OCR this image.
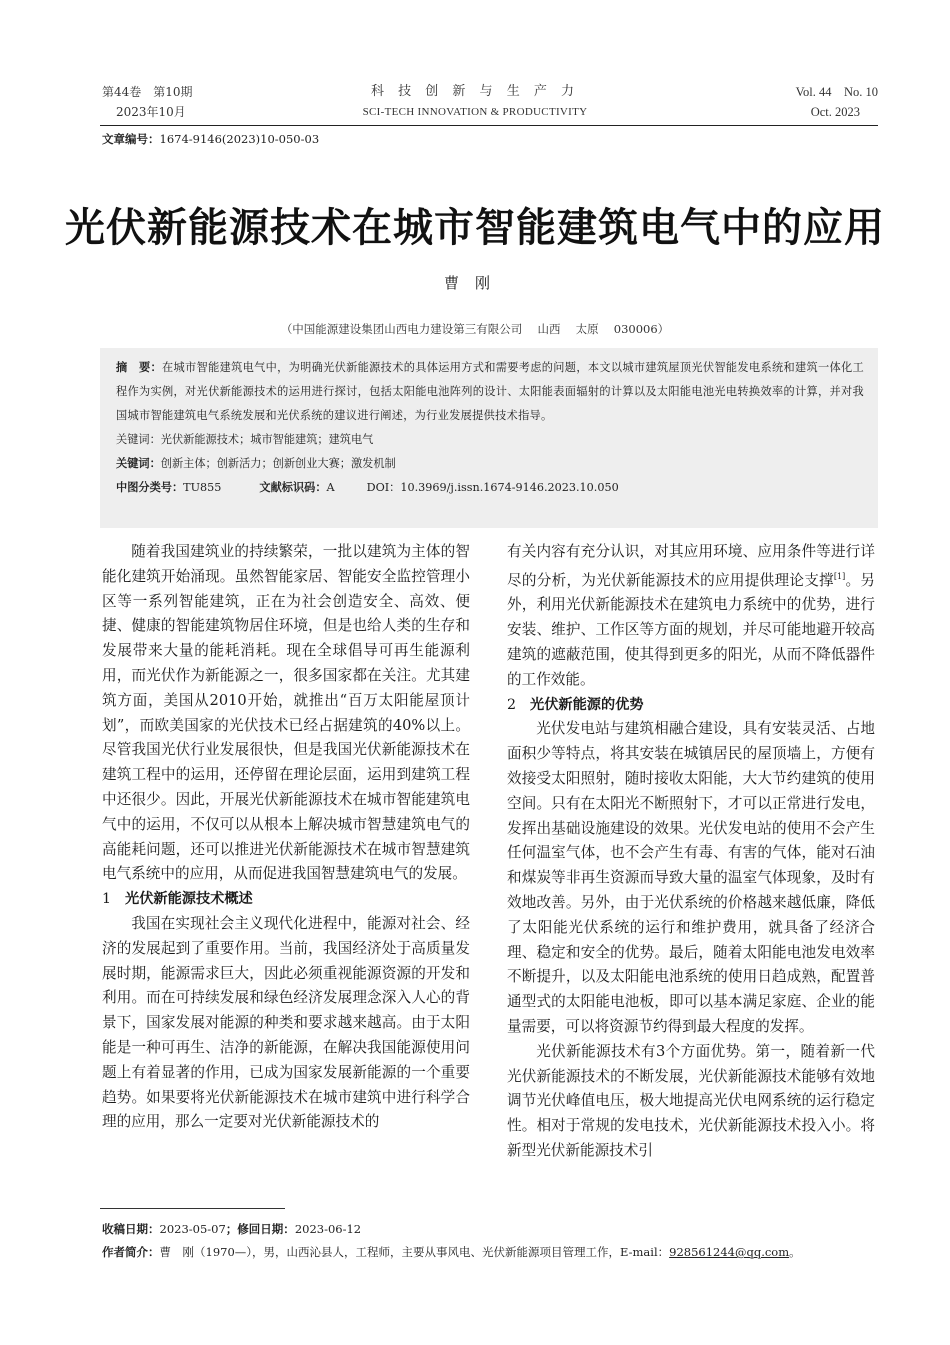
第44卷　第10期
2023年10月
科 技 创 新 与 生 产 力
SCI-TECH INNOVATION & PRODUCTIVITY
Vol. 44　No. 10
Oct. 2023
文章编号：1674-9146(2023)10-050-03
光伏新能源技术在城市智能建筑电气中的应用
曹刚
（中国能源建设集团山西电力建设第三有限公司　 山西　 太原　 030006）
摘　要：在城市智能建筑电气中，为明确光伏新能源技术的具体运用方式和需要考虑的问题，本文以城市建筑屋顶光伏智能发电系统和建筑一体化工程作为实例，对光伏新能源技术的运用进行探讨，包括太阳能电池阵列的设计、太阳能表面辐射的计算以及太阳能电池光电转换效率的计算，并对我国城市智能建筑电气系统发展和光伏系统的建议进行阐述，为行业发展提供技术指导。
关键词：光伏新能源技术；城市智能建筑；建筑电气
关键词：创新主体；创新活力；创新创业大赛；激发机制
中图分类号：TU855	文献标识码：A	DOI：10.3969/j.issn.1674-9146.2023.10.050

随着我国建筑业的持续繁荣，一批以建筑为主体的智能化建筑开始涌现。虽然智能家居、智能安全监控管理小区等一系列智能建筑，正在为社会创造安全、高效、便捷、健康的智能建筑物居住环境，但是也给人类的生存和发展带来大量的能耗消耗。现在全球倡导可再生能源利用，而光伏作为新能源之一，很多国家都在关注。尤其建筑方面，美国从2010开始，就推出“百万太阳能屋顶计划”，而欧美国家的光伏技术已经占据建筑的40%以上。尽管我国光伏行业发展很快，但是我国光伏新能源技术在建筑工程中的运用，还停留在理论层面，运用到建筑工程中还很少。因此，开展光伏新能源技术在城市智能建筑电气中的运用，不仅可以从根本上解决城市智慧建筑电气的高能耗问题，还可以推进光伏新能源技术在城市智慧建筑电气系统中的应用，从而促进我国智慧建筑电气的发展。

1 光伏新能源技术概述

我国在实现社会主义现代化进程中，能源对社会、经济的发展起到了重要作用。当前，我国经济处于高质量发展时期，能源需求巨大，因此必须重视能源资源的开发和利用。而在可持续发展和绿色经济发展理念深入人心的背景下，国家发展对能源的种类和要求越来越高。由于太阳能是一种可再生、洁净的新能源，在解决我国能源使用问题上有着显著的作用，已成为国家发展新能源的一个重要趋势。如果要将光伏新能源技术在城市建筑中进行科学合理的应用，那么一定要对光伏新能源技术的

有关内容有充分认识，对其应用环境、应用条件等进行详尽的分析，为光伏新能源技术的应用提供理论支撑[1]。另外，利用光伏新能源技术在建筑电力系统中的优势，进行安装、维护、工作区等方面的规划，并尽可能地避开较高建筑的遮蔽范围，使其得到更多的阳光，从而不降低器件的工作效能。

2 光伏新能源的优势

光伏发电站与建筑相融合建设，具有安装灵活、占地面积少等特点，将其安装在城镇居民的屋顶墙上，方便有效接受太阳照射，随时接收太阳能，大大节约建筑的使用空间。只有在太阳光不断照射下，才可以正常进行发电，发挥出基础设施建设的效果。光伏发电站的使用不会产生任何温室气体，也不会产生有毒、有害的气体，能对石油和煤炭等非再生资源而导致大量的温室气体现象，及时有效地改善。另外，由于光伏系统的价格越来越低廉，降低了太阳能光伏系统的运行和维护费用，就具备了经济合理、稳定和安全的优势。最后，随着太阳能电池发电效率不断提升，以及太阳能电池系统的使用日趋成熟，配置普通型式的太阳能电池板，即可以基本满足家庭、企业的能量需要，可以将资源节约得到最大程度的发挥。

光伏新能源技术有3个方面优势。第一，随着新一代光伏新能源技术的不断发展，光伏新能源技术能够有效地调节光伏峰值电压，极大地提高光伏电网系统的运行稳定性。相对于常规的发电技术，光伏新能源技术投入小。将新型光伏新能源技术引

收稿日期：2023-05-07；修回日期：2023-06-12
作者简介：曹　刚（1970—），男，山西沁县人，工程师，主要从事风电、光伏新能源项目管理工作，E-mail：928561244@qq.com。
